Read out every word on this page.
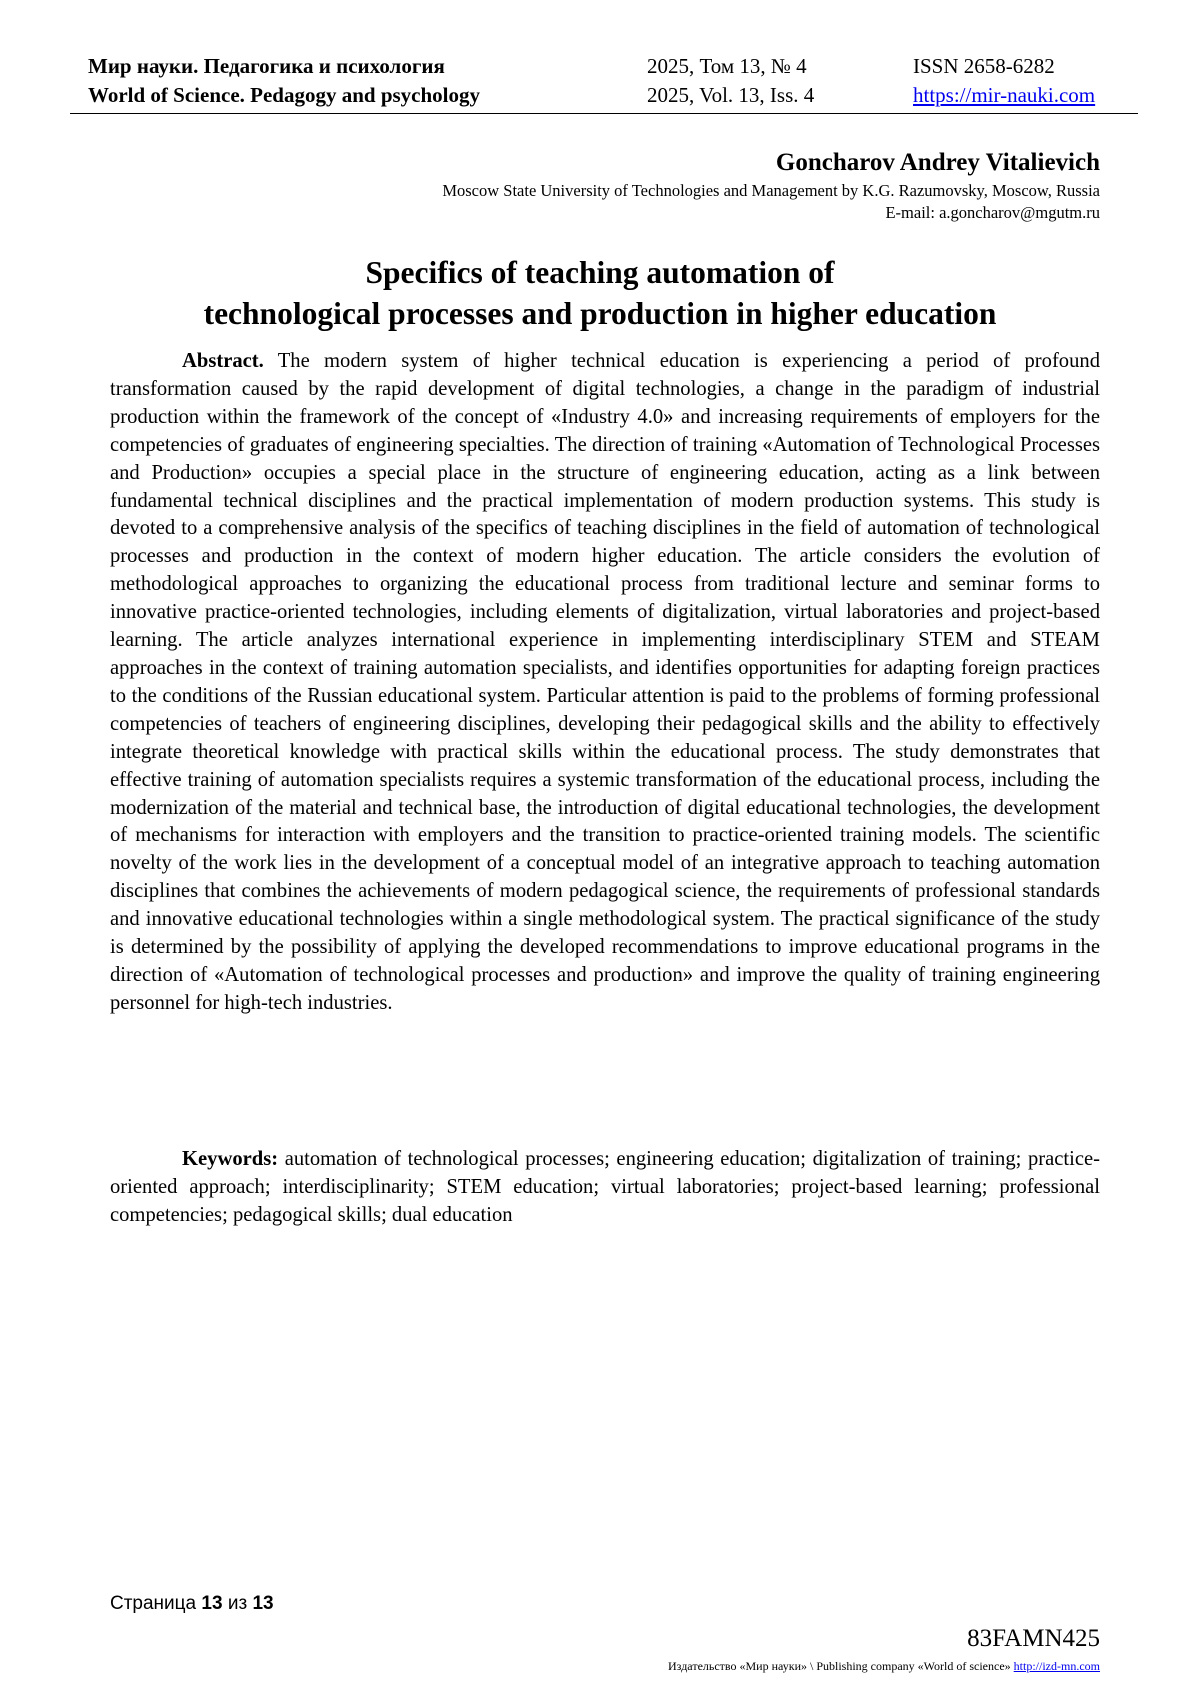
Мир науки. Педагогика и психология
World of Science. Pedagogy and psychology
2025, Том 13, № 4
2025, Vol. 13, Iss. 4
ISSN 2658-6282
https://mir-nauki.com
Goncharov Andrey Vitalievich
Moscow State University of Technologies and Management by K.G. Razumovsky, Moscow, Russia
E-mail: a.goncharov@mgutm.ru
Specifics of teaching automation of
technological processes and production in higher education

Abstract. The modern system of higher technical education is experiencing a period of profound transformation caused by the rapid development of digital technologies, a change in the paradigm of industrial production within the framework of the concept of «Industry 4.0» and increasing requirements of employers for the competencies of graduates of engineering specialties. The direction of training «Automation of Technological Processes and Production» occupies a special place in the structure of engineering education, acting as a link between fundamental technical disciplines and the practical implementation of modern production systems. This study is devoted to a comprehensive analysis of the specifics of teaching disciplines in the field of automation of technological processes and production in the context of modern higher education. The article considers the evolution of methodological approaches to organizing the educational process from traditional lecture and seminar forms to innovative practice-oriented technologies, including elements of digitalization, virtual laboratories and project-based learning. The article analyzes international experience in implementing interdisciplinary STEM and STEAM approaches in the context of training automation specialists, and identifies opportunities for adapting foreign practices to the conditions of the Russian educational system. Particular attention is paid to the problems of forming professional competencies of teachers of engineering disciplines, developing their pedagogical skills and the ability to effectively integrate theoretical knowledge with practical skills within the educational process. The study demonstrates that effective training of automation specialists requires a systemic transformation of the educational process, including the modernization of the material and technical base, the introduction of digital educational technologies, the development of mechanisms for interaction with employers and the transition to practice-oriented training models. The scientific novelty of the work lies in the development of a conceptual model of an integrative approach to teaching automation disciplines that combines the achievements of modern pedagogical science, the requirements of professional standards and innovative educational technologies within a single methodological system. The practical significance of the study is determined by the possibility of applying the developed recommendations to improve educational programs in the direction of «Automation of technological processes and production» and improve the quality of training engineering personnel for high-tech industries.

Keywords: automation of technological processes; engineering education; digitalization of training; practice-oriented approach; interdisciplinarity; STEM education; virtual laboratories; project-based learning; professional competencies; pedagogical skills; dual education

Страница 13 из 13
83FAMN425
Издательство «Мир науки» \ Publishing company «World of science» http://izd-mn.com
